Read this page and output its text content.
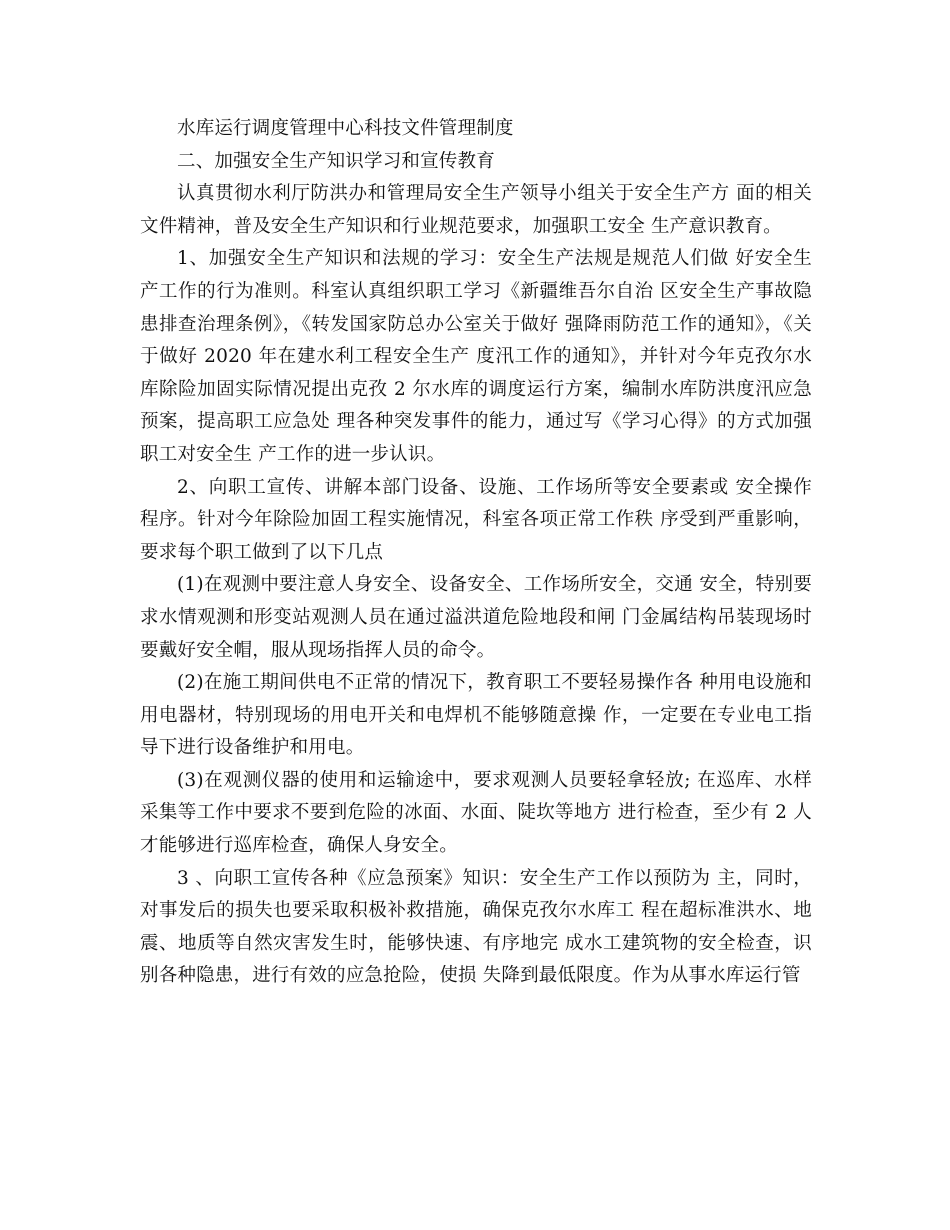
水库运行调度管理中心科技文件管理制度

二、加强安全生产知识学习和宣传教育

认真贯彻水利厅防洪办和管理局安全生产领导小组关于安全生产方 面的相关文件精神，普及安全生产知识和行业规范要求，加强职工安全 生产意识教育。

1、加强安全生产知识和法规的学习：安全生产法规是规范人们做 好安全生产工作的行为准则。科室认真组织职工学习《新疆维吾尔自治 区安全生产事故隐患排查治理条例》，《转发国家防总办公室关于做好 强降雨防范工作的通知》，《关于做好 2020 年在建水利工程安全生产 度汛工作的通知》，并针对今年克孜尔水库除险加固实际情况提出克孜 2 尔水库的调度运行方案，编制水库防洪度汛应急预案，提高职工应急处 理各种突发事件的能力，通过写《学习心得》的方式加强职工对安全生 产工作的进一步认识。

2、向职工宣传、讲解本部门设备、设施、工作场所等安全要素或 安全操作程序。针对今年除险加固工程实施情况，科室各项正常工作秩 序受到严重影响，要求每个职工做到了以下几点

(1)在观测中要注意人身安全、设备安全、工作场所安全，交通 安全，特别要求水情观测和形变站观测人员在通过溢洪道危险地段和闸 门金属结构吊装现场时要戴好安全帽，服从现场指挥人员的命令。

(2)在施工期间供电不正常的情况下，教育职工不要轻易操作各 种用电设施和用电器材，特别现场的用电开关和电焊机不能够随意操 作，一定要在专业电工指导下进行设备维护和用电。

(3)在观测仪器的使用和运输途中，要求观测人员要轻拿轻放; 在巡库、水样采集等工作中要求不要到危险的冰面、水面、陡坎等地方 进行检查，至少有 2 人才能够进行巡库检查，确保人身安全。

3 、向职工宣传各种《应急预案》知识：安全生产工作以预防为 主，同时，对事发后的损失也要采取积极补救措施，确保克孜尔水库工 程在超标准洪水、地震、地质等自然灾害发生时，能够快速、有序地完 成水工建筑物的安全检查，识别各种隐患，进行有效的应急抢险，使损 失降到最低限度。作为从事水库运行管
